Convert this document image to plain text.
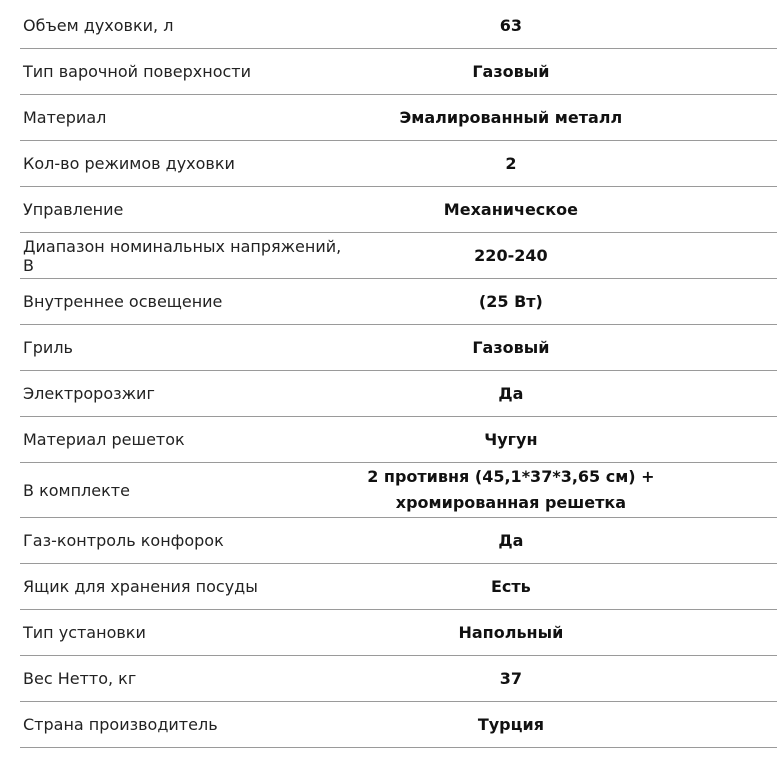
Объем духовки, л	63
Тип варочной поверхности	Газовый
Материал	Эмалированный металл
Кол-во режимов духовки	2
Управление	Механическое
Диапазон номинальных напряжений, В	220-240
Внутреннее освещение	(25 Вт)
Гриль	Газовый
Электророзжиг	Да
Материал решеток	Чугун
В комплекте	2 противня (45,1*37*3,65 см) +
хромированная решетка

Газ-контроль конфорок	Да
Ящик для хранения посуды	Есть
Тип установки	Напольный
Вес Нетто, кг	37
Страна производитель	Турция
